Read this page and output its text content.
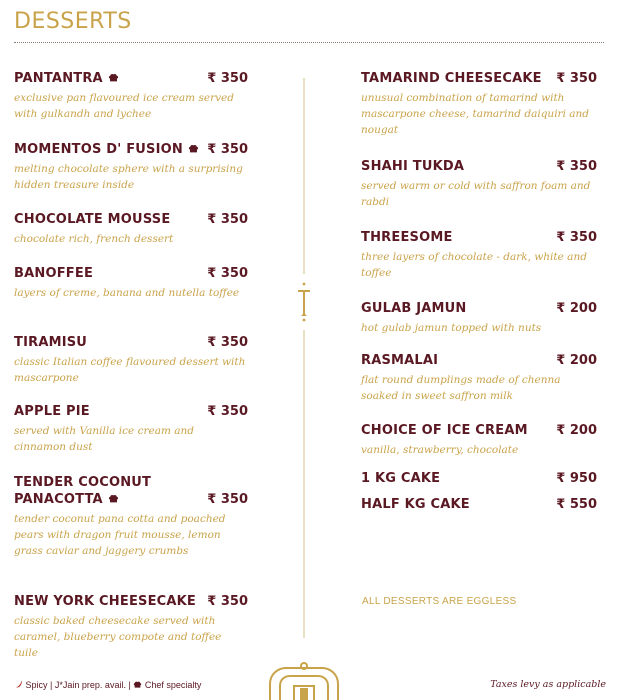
DESSERTS
PANTANTRA	₹ 350
exclusive pan flavoured ice cream served with gulkandh and lychee
MOMENTOS D' FUSION	₹ 350
melting chocolate sphere with a surprising hidden treasure inside
CHOCOLATE MOUSSE	₹ 350
chocolate rich, french dessert
BANOFFEE	₹ 350
layers of creme, banana and nutella toffee
TIRAMISU	₹ 350
classic Italian coffee flavoured dessert with mascarpone
APPLE PIE	₹ 350
served with Vanilla ice cream and cinnamon dust
TENDER COCONUT PANACOTTA	₹ 350
tender coconut pana cotta and poached pears with dragon fruit mousse, lemon grass caviar and jaggery crumbs
NEW YORK CHEESECAKE ₹ 350
classic baked cheesecake served with caramel, blueberry compote and toffee tuile
TAMARIND CHEESECAKE	₹ 350
unusual combination of tamarind with mascarpone cheese, tamarind daiquiri and nougat
SHAHI TUKDA	₹ 350
served warm or cold with saffron foam and rabdi
THREESOME	₹ 350
three layers of chocolate - dark, white and toffee
GULAB JAMUN	₹ 200
hot gulab jamun topped with nuts
RASMALAI	₹ 200
flat round dumplings made of chenna soaked in sweet saffron milk
CHOICE OF ICE CREAM	₹ 200
vanilla, strawberry, chocolate
1 KG CAKE	₹ 950
HALF KG CAKE	₹ 550
ALL DESSERTS ARE EGGLESS
Spicy | J*Jain prep. avail. | Chef specialty	Taxes levy as applicable
